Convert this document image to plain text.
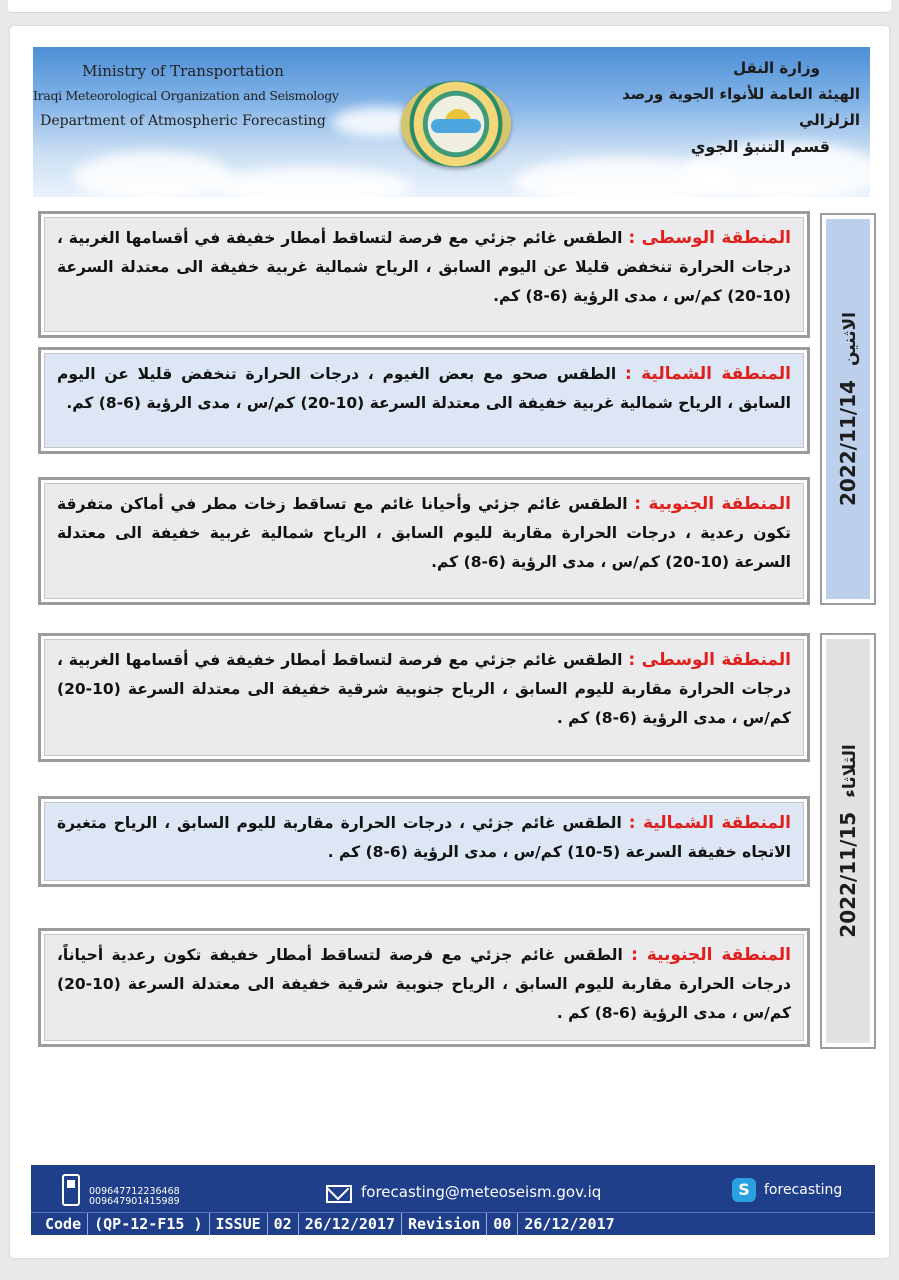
Ministry of Transportation
Iraqi Meteorological Organization and Seismology
Department of Atmospheric Forecasting
وزارة النقل
الهيئة العامة للأنواء الجوية ورصد الزلزالي
قسم التنبؤ الجوي
2022/11/14الاثنين
المنطقة الوسطى : الطقس غائم جزئي مع فرصة لتساقط أمطار خفيفة في أقسامها الغربية ، درجات الحرارة تنخفض قليلا عن اليوم السابق ، الرياح شمالية غربية خفيفة الى معتدلة السرعة (10-20) كم/س ، مدى الرؤية (6-8) كم.
المنطقة الشمالية : الطقس صحو مع بعض الغيوم ، درجات الحرارة تنخفض قليلا عن اليوم السابق ، الرياح شمالية غربية خفيفة الى معتدلة السرعة (10-20) كم/س ، مدى الرؤية (6-8) كم.
المنطقة الجنوبية : الطقس غائم جزئي وأحيانا غائم مع تساقط زخات مطر في أماكن متفرقة تكون رعدية ، درجات الحرارة مقاربة لليوم السابق ، الرياح شمالية غربية خفيفة الى معتدلة السرعة (10-20) كم/س ، مدى الرؤية (6-8) كم.
2022/11/15الثلاثاء
المنطقة الوسطى : الطقس غائم جزئي مع فرصة لتساقط أمطار خفيفة في أقسامها الغربية ، درجات الحرارة مقاربة لليوم السابق ، الرياح جنوبية شرقية خفيفة الى معتدلة السرعة (10-20) كم/س ، مدى الرؤية (6-8) كم .
المنطقة الشمالية : الطقس غائم جزئي ، درجات الحرارة مقاربة لليوم السابق ، الرياح متغيرة الاتجاه خفيفة السرعة (5-10) كم/س ، مدى الرؤية (6-8) كم .
المنطقة الجنوبية : الطقس غائم جزئي مع فرصة لتساقط أمطار خفيفة تكون رعدية أحياناً، درجات الحرارة مقاربة لليوم السابق ، الرياح جنوبية شرقية خفيفة الى معتدلة السرعة (10-20) كم/س ، مدى الرؤية (6-8) كم .
009647712236468
009647901415989
forecasting@meteoseism.gov.iq	S	forecasting
Code (QP-12-F15 ) ISSUE 02 26/12/2017 Revision 00 26/12/2017
